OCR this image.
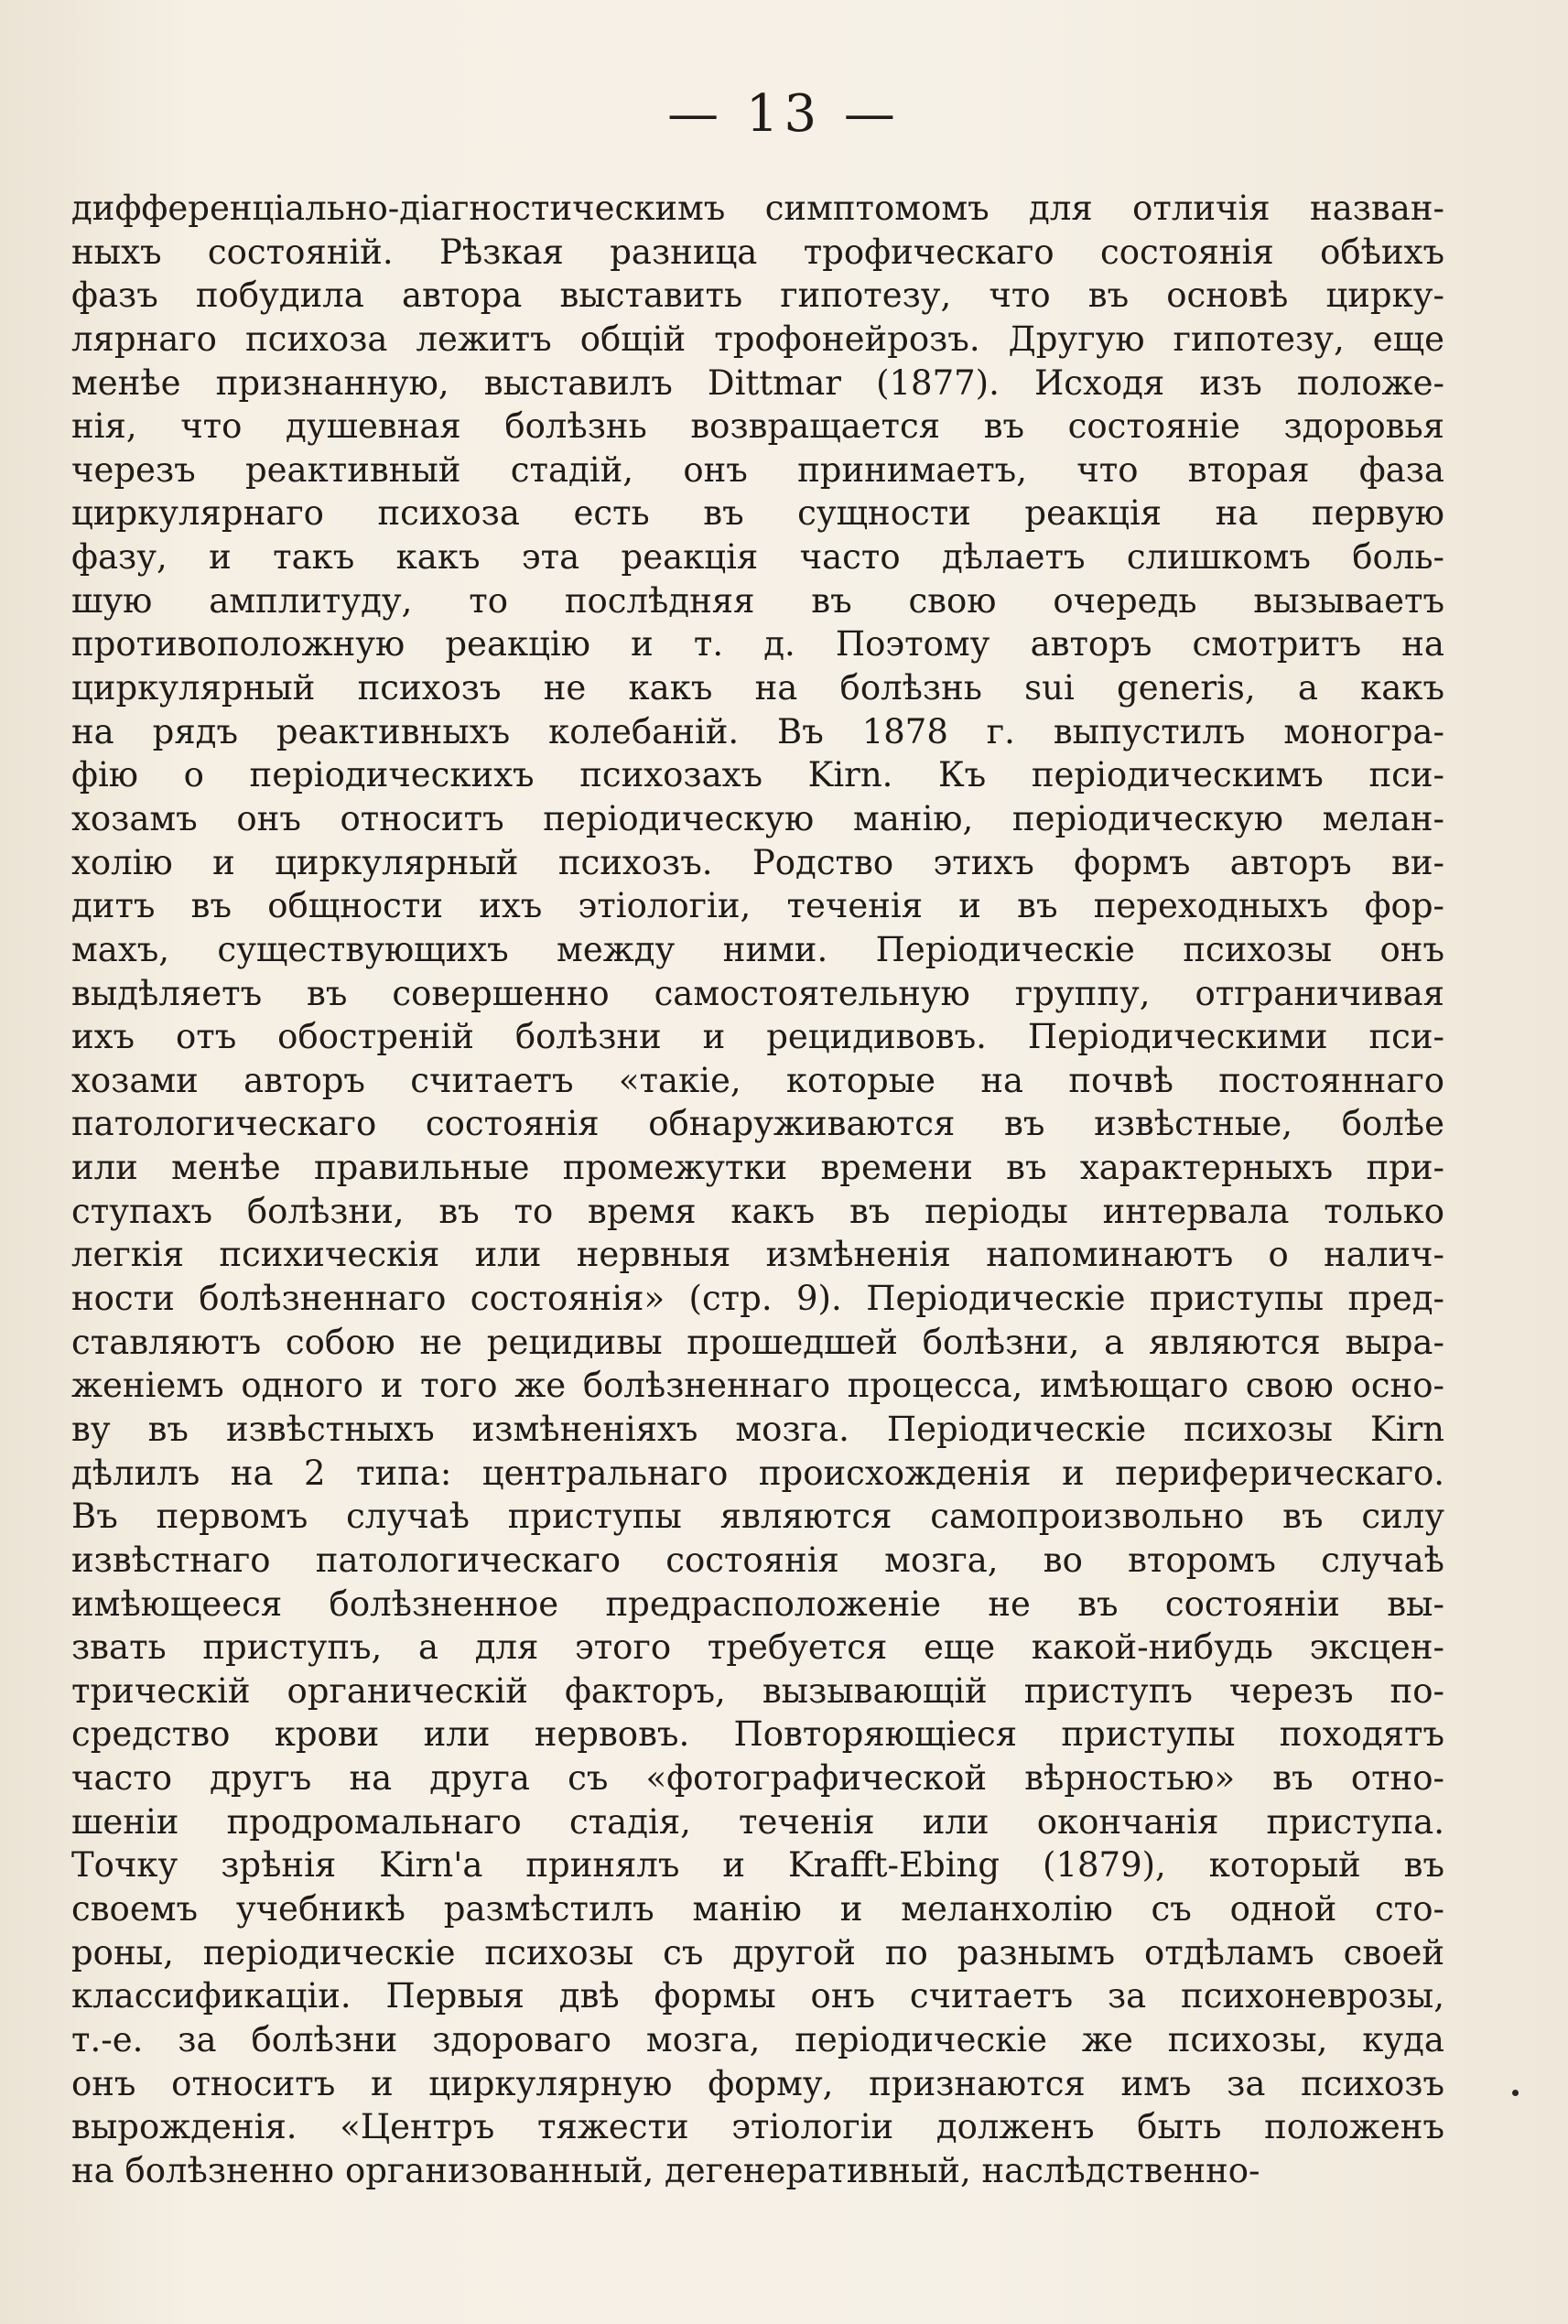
— 13 —
дифференціально-діагностическимъ симптомомъ для отличія назван-
ныхъ состояній. Рѣзкая разница трофическаго состоянія обѣихъ
фазъ побудила автора выставить гипотезу, что въ основѣ цирку-
лярнаго психоза лежитъ общій трофонейрозъ. Другую гипотезу, еще
менѣе признанную, выставилъ Dittmar (1877). Исходя изъ положе-
нія, что душевная болѣзнь возвращается въ состояніе здоровья
черезъ реактивный стадій, онъ принимаетъ, что вторая фаза
циркулярнаго психоза есть въ сущности реакція на первую
фазу, и такъ какъ эта реакція часто дѣлаетъ слишкомъ боль-
шую амплитуду, то послѣдняя въ свою очередь вызываетъ
противоположную реакцію и т. д. Поэтому авторъ смотритъ на
циркулярный психозъ не какъ на болѣзнь sui generis, а какъ
на рядъ реактивныхъ колебаній. Въ 1878 г. выпустилъ моногра-
фію о періодическихъ психозахъ Kirn. Къ періодическимъ пси-
хозамъ онъ относитъ періодическую манію, періодическую мелан-
холію и циркулярный психозъ. Родство этихъ формъ авторъ ви-
дитъ въ общности ихъ этіологіи, теченія и въ переходныхъ фор-
махъ, существующихъ между ними. Періодическіе психозы онъ
выдѣляетъ въ совершенно самостоятельную группу, отграничивая
ихъ отъ обостреній болѣзни и рецидивовъ. Періодическими пси-
хозами авторъ считаетъ «такіе, которые на почвѣ постояннаго
патологическаго состоянія обнаруживаются въ извѣстные, болѣе
или менѣе правильные промежутки времени въ характерныхъ при-
ступахъ болѣзни, въ то время какъ въ періоды интервала только
легкія психическія или нервныя измѣненія напоминаютъ о налич-
ности болѣзненнаго состоянія» (стр. 9). Періодическіе приступы пред-
ставляютъ собою не рецидивы прошедшей болѣзни, а являются выра-
женіемъ одного и того же болѣзненнаго процесса, имѣющаго свою осно-
ву въ извѣстныхъ измѣненіяхъ мозга. Періодическіе психозы Kirn
дѣлилъ на 2 типа: центральнаго происхожденія и периферическаго.
Въ первомъ случаѣ приступы являются самопроизвольно въ силу
извѣстнаго патологическаго состоянія мозга, во второмъ случаѣ
имѣющееся болѣзненное предрасположеніе не въ состояніи вы-
звать приступъ, а для этого требуется еще какой-нибудь эксцен-
трическій органическій факторъ, вызывающій приступъ черезъ по-
средство крови или нервовъ. Повторяющіеся приступы походятъ
часто другъ на друга съ «фотографической вѣрностью» въ отно-
шеніи продромальнаго стадія, теченія или окончанія приступа.
Точку зрѣнія Kirn'а принялъ и Krafft-Ebing (1879), который въ
своемъ учебникѣ размѣстилъ манію и меланхолію съ одной сто-
роны, періодическіе психозы съ другой по разнымъ отдѣламъ своей
классификаціи. Первыя двѣ формы онъ считаетъ за психоневрозы,
т.-е. за болѣзни здороваго мозга, періодическіе же психозы, куда
онъ относитъ и циркулярную форму, признаются имъ за психозъ
вырожденія. «Центръ тяжести этіологіи долженъ быть положенъ
на болѣзненно организованный, дегенеративный, наслѣдственно-
